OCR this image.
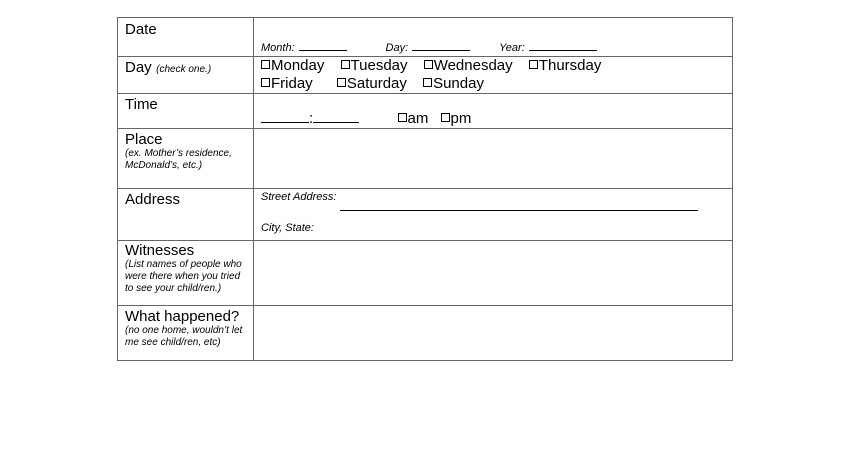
Date	Month: Day: Year:

Day (check one.)	Monday Tuesday Wednesday Thursday
Friday Saturday Sunday

Time	: am pm

Place
(ex. Mother’s residence, McDonald’s, etc.)	

Address	Street Address:
City, State:

Witnesses
(List names of people who were there when you tried to see your child/ren.)	

What happened?
(no one home, wouldn’t let me see child/ren, etc)	
